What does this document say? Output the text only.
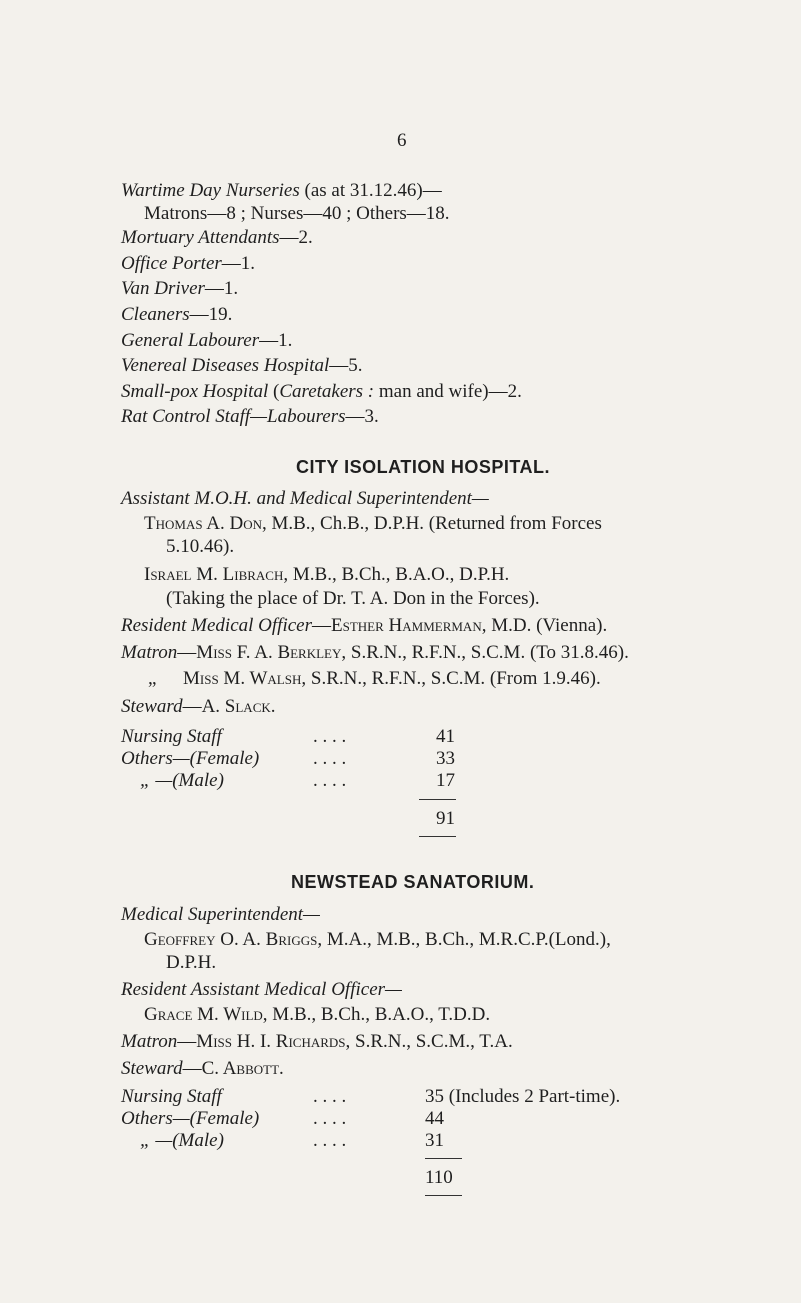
6
Wartime Day Nurseries (as at 31.12.46)—
Matrons—8 ; Nurses—40 ; Others—18.
Mortuary Attendants—2.
Office Porter—1.
Van Driver—1.
Cleaners—19.
General Labourer—1.
Venereal Diseases Hospital—5.
Small-pox Hospital (Caretakers : man and wife)—2.
Rat Control Staff—Labourers—3.
CITY ISOLATION HOSPITAL.
Assistant M.O.H. and Medical Superintendent—
Thomas A. Don, M.B., Ch.B., D.P.H. (Returned from Forces
5.10.46).
Israel M. Librach, M.B., B.Ch., B.A.O., D.P.H.
(Taking the place of Dr. T. A. Don in the Forces).
Resident Medical Officer—Esther Hammerman, M.D. (Vienna).
Matron—Miss F. A. Berkley, S.R.N., R.F.N., S.C.M. (To 31.8.46).
„ Miss M. Walsh, S.R.N., R.F.N., S.C.M. (From 1.9.46).
Steward—A. Slack.
Nursing Staff	. . . .	41
Others—(Female)	. . . .	33
„ —(Male)	. . . .	17
91
NEWSTEAD SANATORIUM.
Medical Superintendent—
Geoffrey O. A. Briggs, M.A., M.B., B.Ch., M.R.C.P.(Lond.),
D.P.H.
Resident Assistant Medical Officer—
Grace M. Wild, M.B., B.Ch., B.A.O., T.D.D.
Matron—Miss H. I. Richards, S.R.N., S.C.M., T.A.
Steward—C. Abbott.
Nursing Staff	. . . .	35 (Includes 2 Part-time).
Others—(Female)	. . . .	44
„ —(Male)	. . . .	31
110
